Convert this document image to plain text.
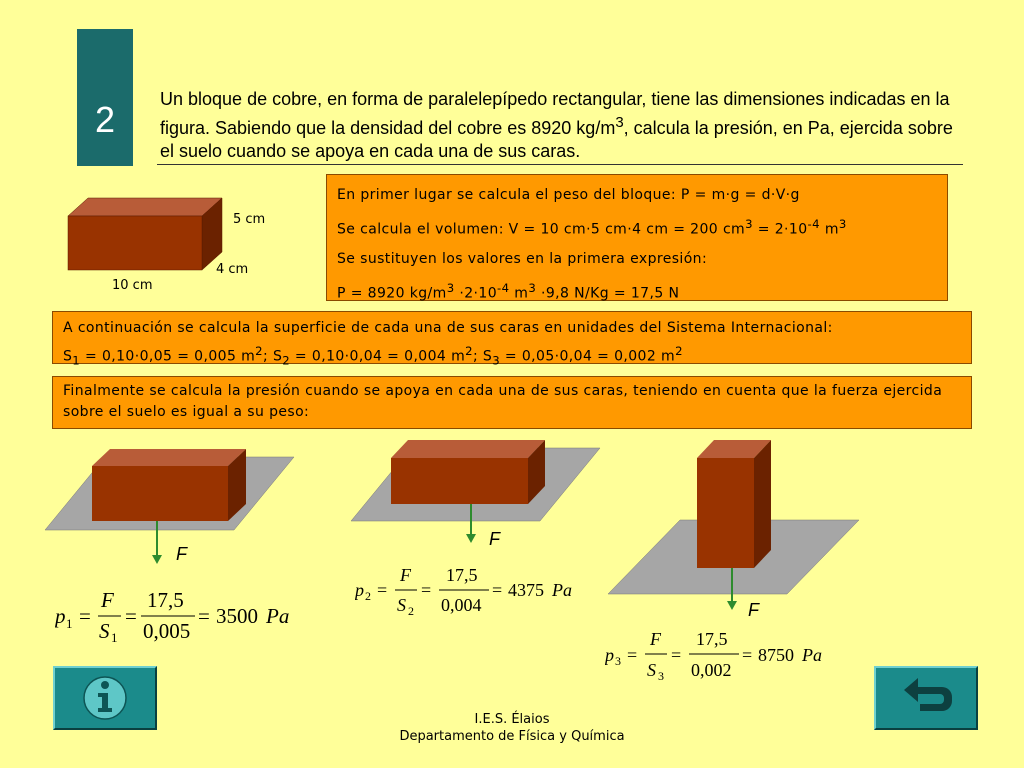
2	Un bloque de cobre, en forma de paralelepípedo rectangular, tiene las dimensiones indicadas en la figura. Sabiendo que la densidad del cobre es 8920 $kg/m^3$, calcula la presión, en Pa, ejercida sobre el suelo cuando se apoya en cada una de sus caras.
5 cm
4 cm
10 cm

En primer lugar se calcula el peso del bloque: P = m·g = d·V·g

Se calcula el volumen: V = 10 cm·5 cm·4 cm = 200 $cm^3 = 2\cdot 10^{-4}$ $m^3$

Se sustituyen los valores en la primera expresión:

P = 8920 $kg/m^3 \cdot 2\cdot 10^{-4}$ $m^3 \cdot 9,8$ N/Kg = 17,5 N

A continuación se calcula la superficie de cada una de sus caras en unidades del Sistema Internacional:

$S_1 = 0,10\cdot 0,05 = 0,005$ $m^2$; $S_2 = 0,10\cdot 0,04 = 0,004$ $m^2$; $S_3 = 0,05\cdot 0,04 = 0,002$ $m^2$

Finalmente se calcula la presión cuando se apoya en cada una de sus caras, teniendo en cuenta que la fuerza ejercida sobre el suelo es igual a su peso:

F
F
F
p 1 =
F
S 1
=
17,5
0,005
= 3500 Pa
p 2 =
F
S 2
=
17,5
0,004
= 4375 Pa
p 3 =
F
S 3
=
17,5
0,002
= 8750 Pa
I.E.S. Élaios
Departamento de Física y Química
